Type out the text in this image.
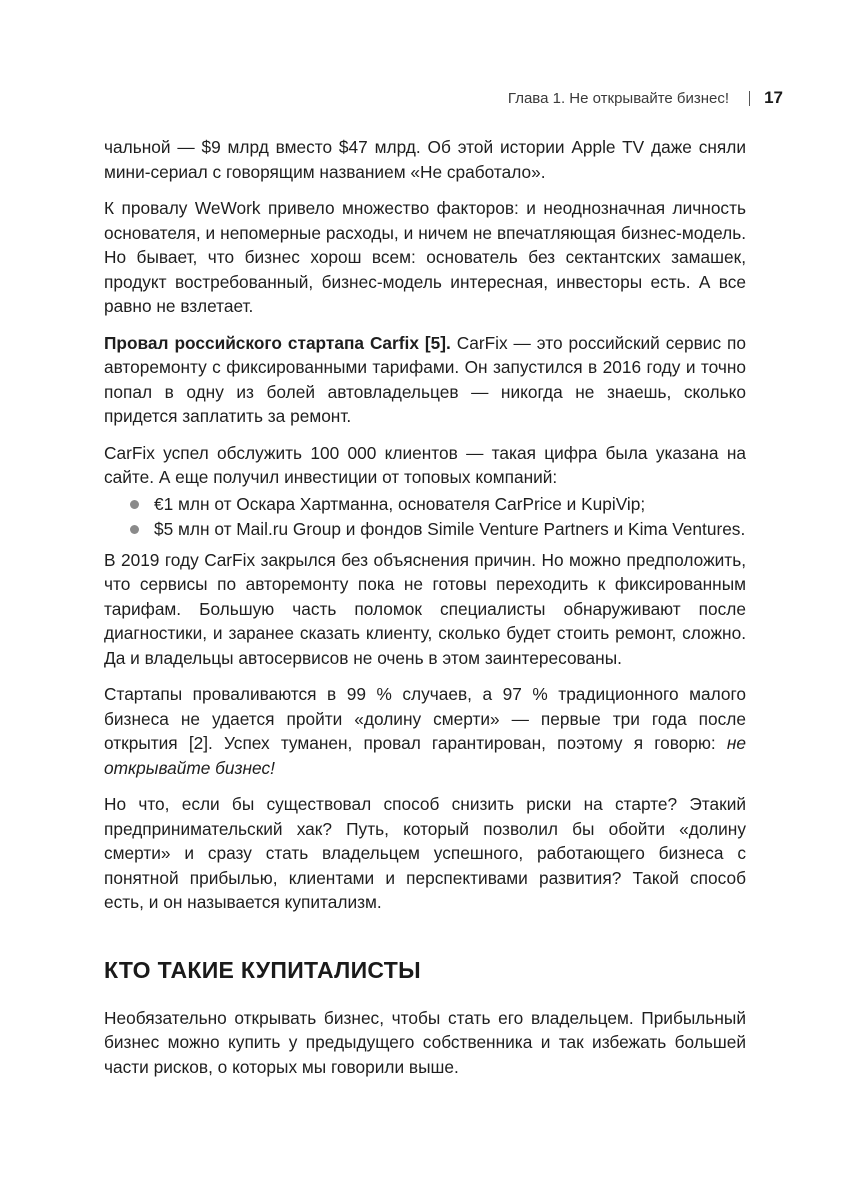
Глава 1. Не открывайте бизнес! 17

чальной — $9 млрд вместо $47 млрд. Об этой истории Apple TV даже сняли мини-сериал с говорящим названием «Не сработало».

К провалу WeWork привело множество факторов: и неоднозначная личность основателя, и непомерные расходы, и ничем не впечатляющая бизнес-модель. Но бывает, что бизнес хорош всем: основатель без сектантских замашек, продукт востребованный, бизнес-модель интересная, инвесторы есть. А все равно не взлетает.

Провал российского стартапа Carfix [5]. CarFix — это российский сервис по авторемонту с фиксированными тарифами. Он запустился в 2016 году и точно попал в одну из болей автовладельцев — никогда не знаешь, сколько придется заплатить за ремонт.

CarFix успел обслужить 100 000 клиентов — такая цифра была указана на сайте. А еще получил инвестиции от топовых компаний:

€1 млн от Оскара Хартманна, основателя CarPrice и KupiVip;
$5 млн от Mail.ru Group и фондов Simile Venture Partners и Kima Ventures.

В 2019 году CarFix закрылся без объяснения причин. Но можно предположить, что сервисы по авторемонту пока не готовы переходить к фиксированным тарифам. Большую часть поломок специалисты обнаруживают после диагностики, и заранее сказать клиенту, сколько будет стоить ремонт, сложно. Да и владельцы автосервисов не очень в этом заинтересованы.

Стартапы проваливаются в 99 % случаев, а 97 % традиционного малого бизнеса не удается пройти «долину смерти» — первые три года после открытия [2]. Успех туманен, провал гарантирован, поэтому я говорю: не открывайте бизнес!

Но что, если бы существовал способ снизить риски на старте? Этакий предпринимательский хак? Путь, который позволил бы обойти «долину смерти» и сразу стать владельцем успешного, работающего бизнеса с понятной прибылью, клиентами и перспективами развития? Такой способ есть, и он называется купитализм.

КТО ТАКИЕ КУПИТАЛИСТЫ

Необязательно открывать бизнес, чтобы стать его владельцем. Прибыльный бизнес можно купить у предыдущего собственника и так избежать большей части рисков, о которых мы говорили выше.
